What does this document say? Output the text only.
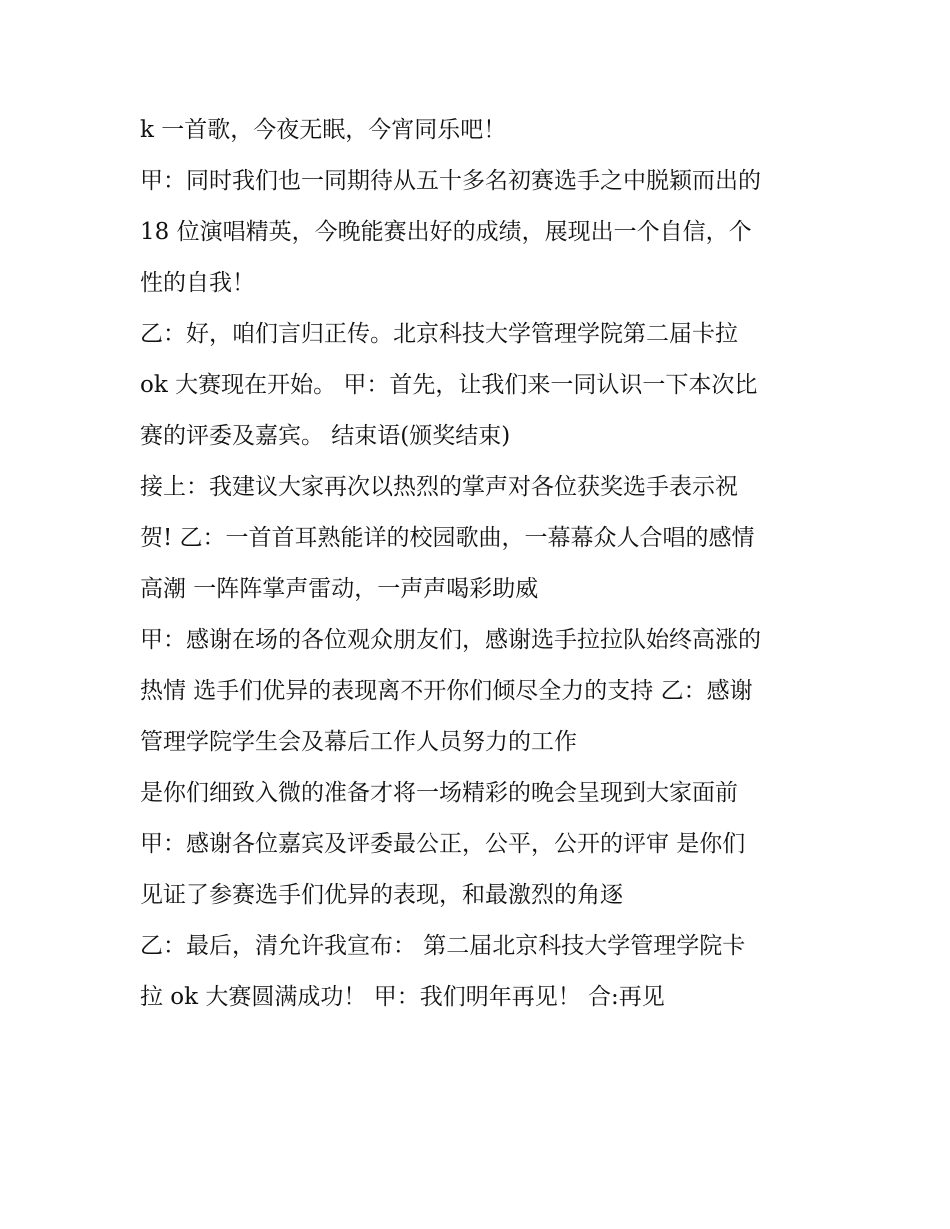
k 一首歌，今夜无眠，今宵同乐吧！
甲：同时我们也一同期待从五十多名初赛选手之中脱颖而出的
18 位演唱精英，今晚能赛出好的成绩，展现出一个自信，个
性的自我！
乙：好，咱们言归正传。北京科技大学管理学院第二届卡拉
ok 大赛现在开始。 甲：首先，让我们来一同认识一下本次比
赛的评委及嘉宾。 结束语(颁奖结束)
接上：我建议大家再次以热烈的掌声对各位获奖选手表示祝
贺! 乙：一首首耳熟能详的校园歌曲，一幕幕众人合唱的感情
高潮 一阵阵掌声雷动，一声声喝彩助威
甲：感谢在场的各位观众朋友们，感谢选手拉拉队始终高涨的
热情 选手们优异的表现离不开你们倾尽全力的支持 乙：感谢
管理学院学生会及幕后工作人员努力的工作
是你们细致入微的准备才将一场精彩的晚会呈现到大家面前
甲：感谢各位嘉宾及评委最公正，公平，公开的评审 是你们
见证了参赛选手们优异的表现，和最激烈的角逐
乙：最后，清允许我宣布： 第二届北京科技大学管理学院卡
拉 ok 大赛圆满成功！ 甲：我们明年再见！ 合:再见
